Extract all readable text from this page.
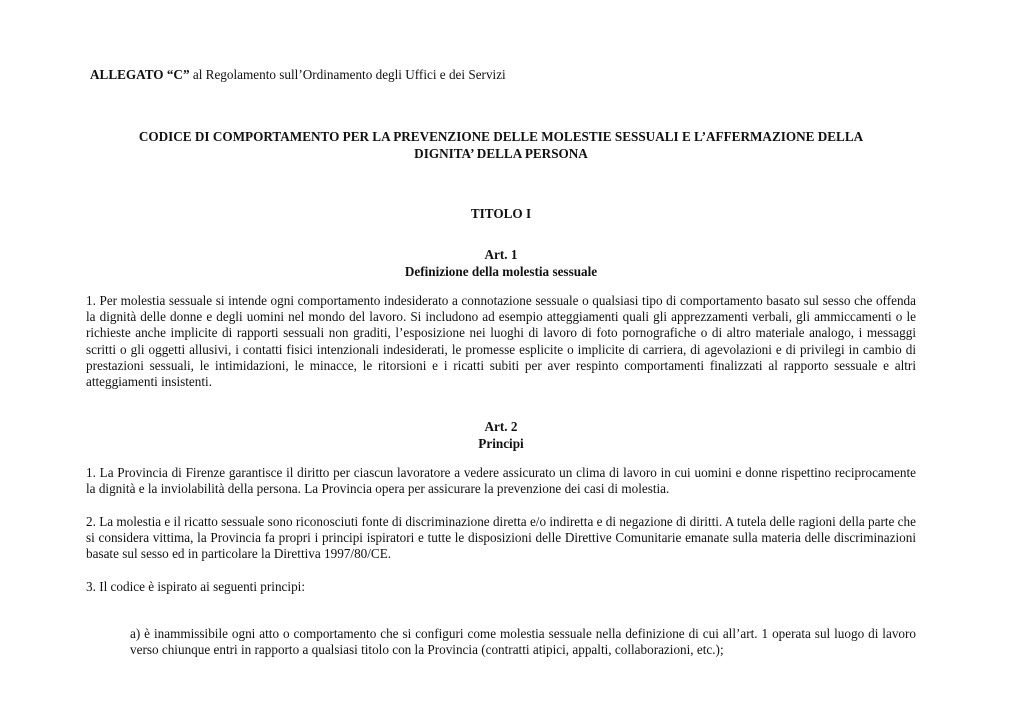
ALLEGATO “C” al Regolamento sull’Ordinamento degli Uffici e dei Servizi
CODICE DI COMPORTAMENTO PER LA PREVENZIONE DELLE MOLESTIE SESSUALI E L’AFFERMAZIONE DELLA
DIGNITA’ DELLA PERSONA
TITOLO I
Art. 1
Definizione della molestia sessuale
1. Per molestia sessuale si intende ogni comportamento indesiderato a connotazione sessuale o qualsiasi tipo di comportamento basato sul sesso che offenda la dignità delle donne e degli uomini nel mondo del lavoro. Si includono ad esempio atteggiamenti quali gli apprezzamenti verbali, gli ammiccamenti o le richieste anche implicite di rapporti sessuali non graditi, l’esposizione nei luoghi di lavoro di foto pornografiche o di altro materiale analogo, i messaggi scritti o gli oggetti allusivi, i contatti fisici intenzionali indesiderati, le promesse esplicite o implicite di carriera, di agevolazioni e di privilegi in cambio di prestazioni sessuali, le intimidazioni, le minacce, le ritorsioni e i ricatti subiti per aver respinto comportamenti finalizzati al rapporto sessuale e altri atteggiamenti insistenti.
Art. 2
Principi
1. La Provincia di Firenze garantisce il diritto per ciascun lavoratore a vedere assicurato un clima di lavoro in cui uomini e donne rispettino reciprocamente la dignità e la inviolabilità della persona. La Provincia opera per assicurare la prevenzione dei casi di molestia.
2. La molestia e il ricatto sessuale sono riconosciuti fonte di discriminazione diretta e/o indiretta e di negazione di diritti. A tutela delle ragioni della parte che si considera vittima, la Provincia fa propri i principi ispiratori e tutte le disposizioni delle Direttive Comunitarie emanate sulla materia delle discriminazioni basate sul sesso ed in particolare la Direttiva 1997/80/CE.
3. Il codice è ispirato ai seguenti principi:
a) è inammissibile ogni atto o comportamento che si configuri come molestia sessuale nella definizione di cui all’art. 1 operata sul luogo di lavoro verso chiunque entri in rapporto a qualsiasi titolo con la Provincia (contratti atipici, appalti, collaborazioni, etc.);
